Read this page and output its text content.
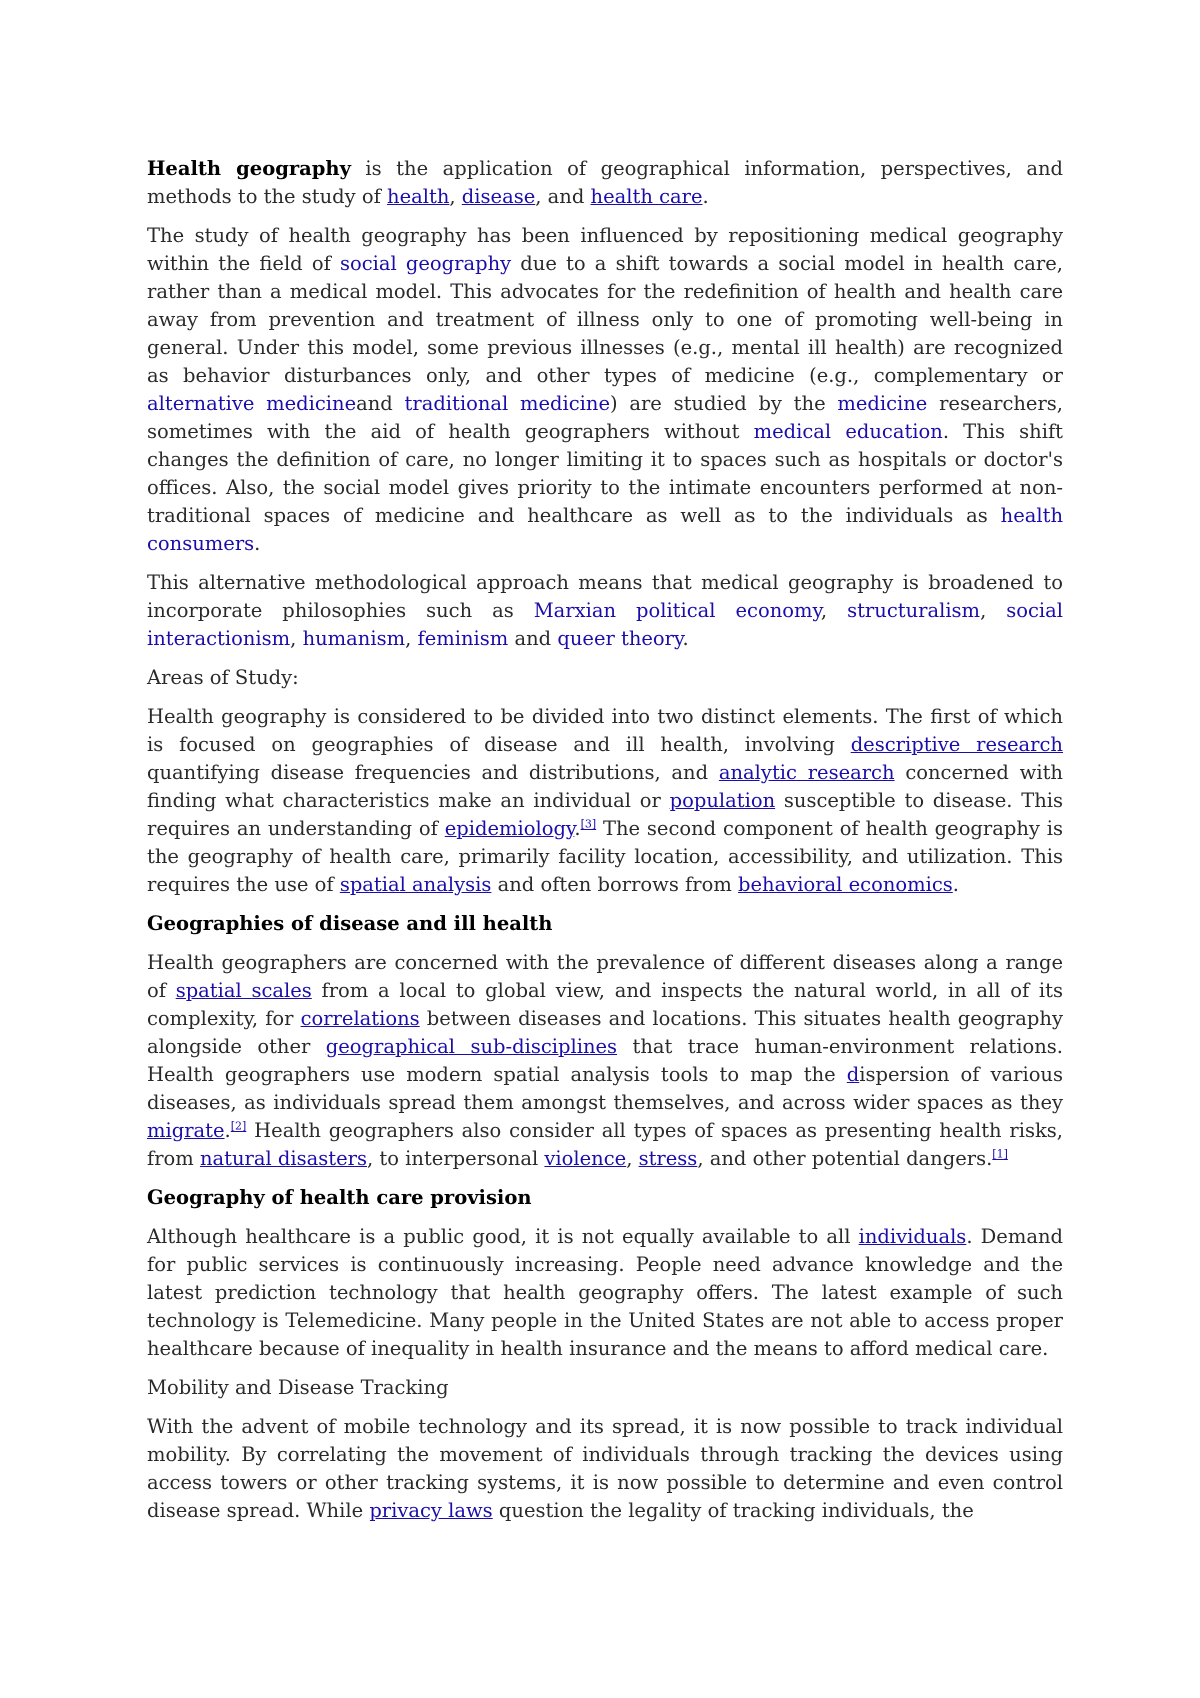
Health geography is the application of geographical information, perspectives, and methods to the study of health, disease, and health care.

The study of health geography has been influenced by repositioning medical geography within the field of social geography due to a shift towards a social model in health care, rather than a medical model. This advocates for the redefinition of health and health care away from prevention and treatment of illness only to one of promoting well-being in general. Under this model, some previous illnesses (e.g., mental ill health) are recognized as behavior disturbances only, and other types of medicine (e.g., complementary or alternative medicineand traditional medicine) are studied by the medicine researchers, sometimes with the aid of health geographers without medical education. This shift changes the definition of care, no longer limiting it to spaces such as hospitals or doctor's offices. Also, the social model gives priority to the intimate encounters performed at non-traditional spaces of medicine and healthcare as well as to the individuals as health consumers.

This alternative methodological approach means that medical geography is broadened to incorporate philosophies such as Marxian political economy, structuralism, social interactionism, humanism, feminism and queer theory.

Areas of Study:

Health geography is considered to be divided into two distinct elements. The first of which is focused on geographies of disease and ill health, involving descriptive research quantifying disease frequencies and distributions, and analytic research concerned with finding what characteristics make an individual or population susceptible to disease. This requires an understanding of epidemiology.[3] The second component of health geography is the geography of health care, primarily facility location, accessibility, and utilization. This requires the use of spatial analysis and often borrows from behavioral economics.

Geographies of disease and ill health

Health geographers are concerned with the prevalence of different diseases along a range of spatial scales from a local to global view, and inspects the natural world, in all of its complexity, for correlations between diseases and locations. This situates health geography alongside other geographical sub-disciplines that trace human-environment relations. Health geographers use modern spatial analysis tools to map the dispersion of various diseases, as individuals spread them amongst themselves, and across wider spaces as they migrate.[2] Health geographers also consider all types of spaces as presenting health risks, from natural disasters, to interpersonal violence, stress, and other potential dangers.[1]

Geography of health care provision

Although healthcare is a public good, it is not equally available to all individuals. Demand for public services is continuously increasing. People need advance knowledge and the latest prediction technology that health geography offers. The latest example of such technology is Telemedicine. Many people in the United States are not able to access proper healthcare because of inequality in health insurance and the means to afford medical care.

Mobility and Disease Tracking

With the advent of mobile technology and its spread, it is now possible to track individual mobility. By correlating the movement of individuals through tracking the devices using access towers or other tracking systems, it is now possible to determine and even control disease spread. While privacy laws question the legality of tracking individuals, the
